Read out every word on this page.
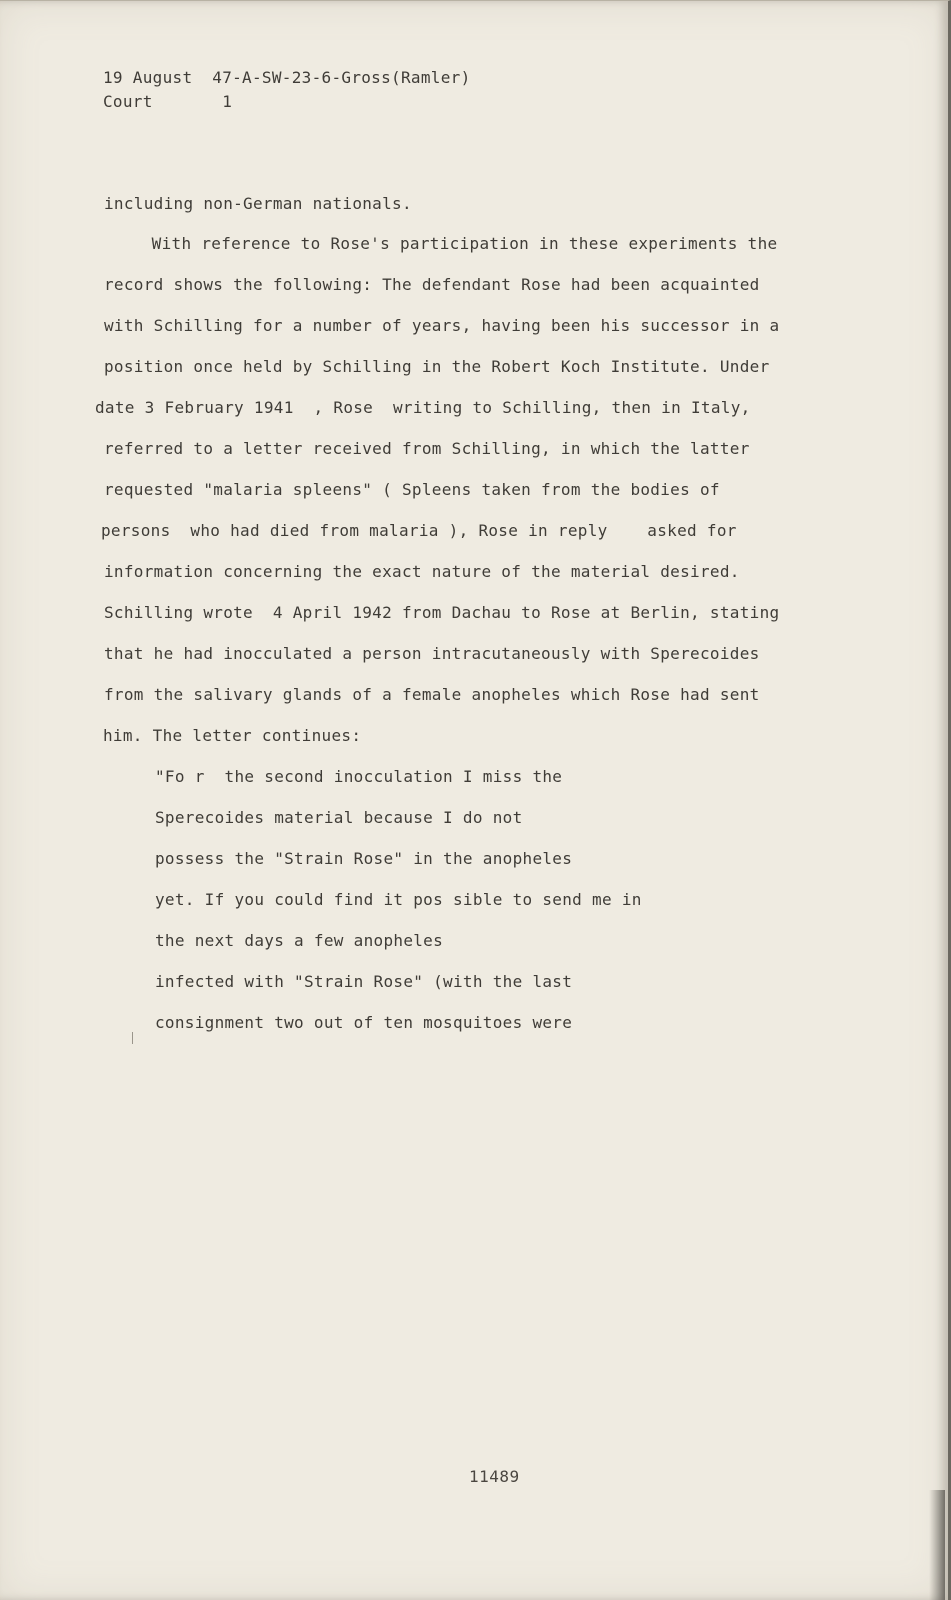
19 August  47-A-SW-23-6-Gross(Ramler)
Court       1
including non-German nationals.
With reference to Rose's participation in these experiments the
record shows the following: The defendant Rose had been acquainted
with Schilling for a number of years, having been his successor in a
position once held by Schilling in the Robert Koch Institute. Under
date 3 February 1941  , Rose  writing to Schilling, then in Italy,
referred to a letter received from Schilling, in which the latter
requested "malaria spleens" ( Spleens taken from the bodies of
persons  who had died from malaria ), Rose in reply    asked for
information concerning the exact nature of the material desired.
Schilling wrote  4 April 1942 from Dachau to Rose at Berlin, stating
that he had inocculated a person intracutaneously with Sperecoides
from the salivary glands of a female anopheles which Rose had sent
him. The letter continues:
"Fo r  the second inocculation I miss the
Sperecoides material because I do not
possess the "Strain Rose" in the anopheles
yet. If you could find it pos sible to send me in
the next days a few anopheles
infected with "Strain Rose" (with the last
consignment two out of ten mosquitoes were
11489
